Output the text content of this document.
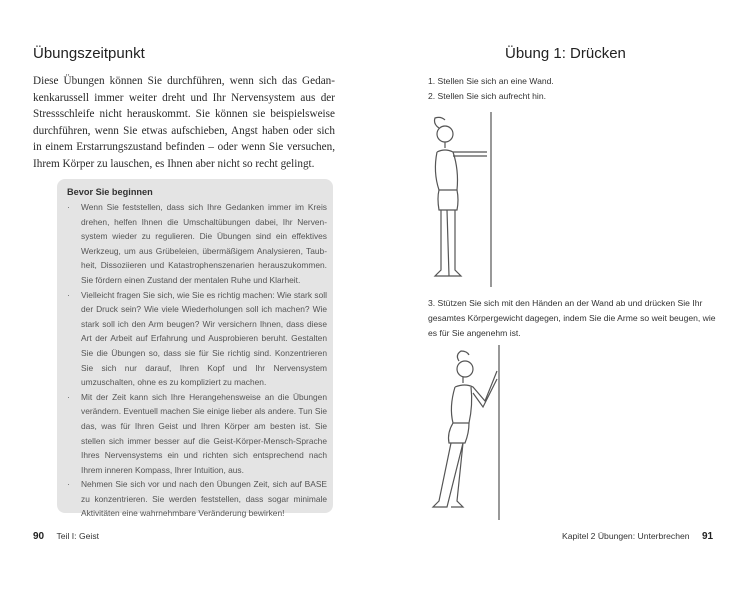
Übungszeitpunkt
Diese Übungen können Sie durchführen, wenn sich das Gedankenkarussell immer weiter dreht und Ihr Nervensystem aus der Stressschleife nicht herauskommt. Sie können sie beispielsweise durchführen, wenn Sie etwas aufschieben, Angst haben oder sich in einem Erstarrungszustand befinden – oder wenn Sie versuchen, Ihrem Körper zu lauschen, es Ihnen aber nicht so recht gelingt.
Bevor Sie beginnen
· Wenn Sie feststellen, dass sich Ihre Gedanken immer im Kreis drehen, helfen Ihnen die Umschaltübungen dabei, Ihr Nervensystem wieder zu regulieren. Die Übungen sind ein effektives Werkzeug, um aus Grübeleien, übermäßigem Analysieren, Taubheit, Dissoziieren und Katastrophenszenarien herauszukommen. Sie fördern einen Zustand der mentalen Ruhe und Klarheit.
· Vielleicht fragen Sie sich, wie Sie es richtig machen: Wie stark soll der Druck sein? Wie viele Wiederholungen soll ich machen? Wie stark soll ich den Arm beugen? Wir versichern Ihnen, dass diese Art der Arbeit auf Erfahrung und Ausprobieren beruht. Gestalten Sie die Übungen so, dass sie für Sie richtig sind. Konzentrieren Sie sich nur darauf, Ihren Kopf und Ihr Nervensystem umzuschalten, ohne es zu kompliziert zu machen.
· Mit der Zeit kann sich Ihre Herangehensweise an die Übungen verändern. Eventuell machen Sie einige lieber als andere. Tun Sie das, was für Ihren Geist und Ihren Körper am besten ist. Sie stellen sich immer besser auf die Geist-Körper-Mensch-Sprache Ihres Nervensystems ein und richten sich entsprechend nach Ihrem inneren Kompass, Ihrer Intuition, aus.
· Nehmen Sie sich vor und nach den Übungen Zeit, sich auf BASE zu konzentrieren. Sie werden feststellen, dass sogar minimale Aktivitäten eine wahrnehmbare Veränderung bewirken!
90 Teil I: Geist
Übung 1: Drücken
1. Stellen Sie sich an eine Wand.
2. Stellen Sie sich aufrecht hin.
3. Stützen Sie sich mit den Händen an der Wand ab und drücken Sie Ihr gesamtes Körpergewicht dagegen, indem Sie die Arme so weit beugen, wie es für Sie angenehm ist.
Kapitel 2 Übungen: Unterbrechen 91
